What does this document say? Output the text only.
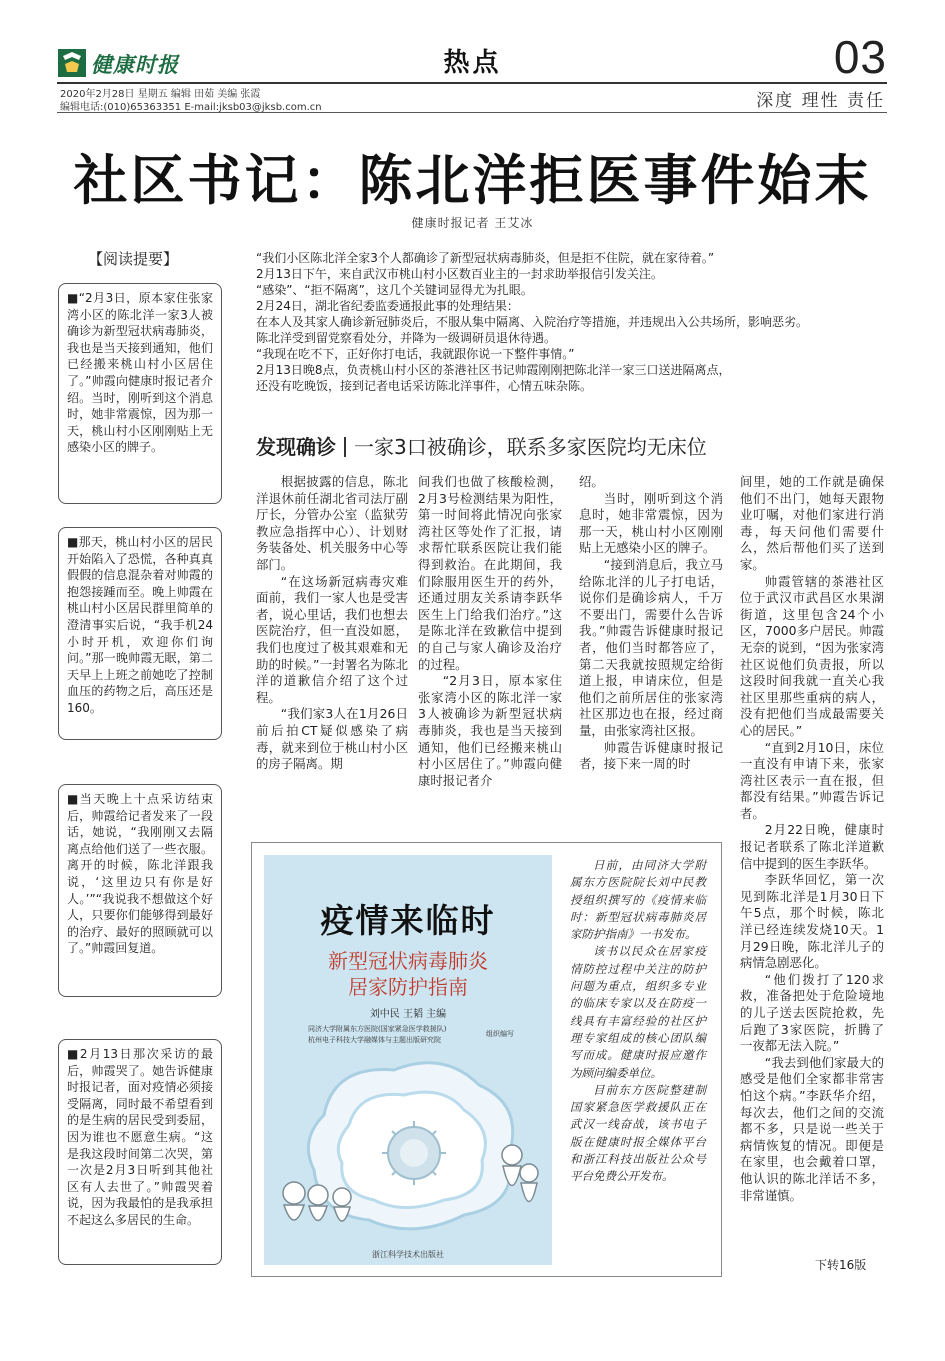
健康时报	热点	03
2020年2月28日 星期五 编辑 田茹 美编 张霞
编辑电话:(010)65363351 E-mail:jksb03@jksb.com.cn	深度 理性 责任
社区书记：陈北洋拒医事件始末
健康时报记者 王艾冰
【阅读提要】
■“2月3日，原本家住张家湾小区的陈北洋一家3人被确诊为新型冠状病毒肺炎，我也是当天接到通知，他们已经搬来桃山村小区居住了。”帅霞向健康时报记者介绍。当时，刚听到这个消息时，她非常震惊，因为那一天，桃山村小区刚刚贴上无感染小区的牌子。
■那天，桃山村小区的居民开始陷入了恐慌，各种真真假假的信息混杂着对帅霞的抱怨接踵而至。晚上帅霞在桃山村小区居民群里简单的澄清事实后说，“我手机24小时开机，欢迎你们询问。”那一晚帅霞无眠，第二天早上上班之前她吃了控制血压的药物之后，高压还是160。
■当天晚上十点采访结束后，帅霞给记者发来了一段话，她说，“我刚刚又去隔离点给他们送了一些衣服。离开的时候，陈北洋跟我说，‘这里边只有你是好人。’”“我说我不想做这个好人，只要你们能够得到最好的治疗、最好的照顾就可以了。”帅霞回复道。
■2月13日那次采访的最后，帅霞哭了。她告诉健康时报记者，面对疫情必须接受隔离，同时最不希望看到的是生病的居民受到委屈，因为谁也不愿意生病。“这是我这段时间第二次哭，第一次是2月3日听到其他社区有人去世了。”帅霞哭着说，因为我最怕的是我承担不起这么多居民的生命。

“我们小区陈北洋全家3个人都确诊了新型冠状病毒肺炎，但是拒不住院，就在家待着。”

2月13日下午，来自武汉市桃山村小区数百业主的一封求助举报信引发关注。

“感染”、“拒不隔离”，这几个关键词显得尤为扎眼。

2月24日，湖北省纪委监委通报此事的处理结果：

在本人及其家人确诊新冠肺炎后，不服从集中隔离、入院治疗等措施，并违规出入公共场所，影响恶劣。

陈北洋受到留党察看处分，并降为一级调研员退休待遇。

“我现在吃不下，正好你打电话，我就跟你说一下整件事情。”

2月13日晚8点，负责桃山村小区的茶港社区书记帅霞刚刚把陈北洋一家三口送进隔离点，

还没有吃晚饭，接到记者电话采访陈北洋事件，心情五味杂陈。

发现确诊 一家3口被确诊，联系多家医院均无床位

根据披露的信息，陈北洋退休前任湖北省司法厅副厅长，分管办公室（监狱劳教应急指挥中心）、计划财务装备处、机关服务中心等部门。

“在这场新冠病毒灾难面前，我们一家人也是受害者，说心里话，我们也想去医院治疗，但一直没如愿，我们也度过了极其艰难和无助的时候。”一封署名为陈北洋的道歉信介绍了这个过程。

“我们家3人在1月26日前后拍CT疑似感染了病毒，就来到位于桃山村小区的房子隔离。期

间我们也做了核酸检测，2月3号检测结果为阳性，第一时间将此情况向张家湾社区等处作了汇报，请求帮忙联系医院让我们能得到救治。在此期间，我们除服用医生开的药外，还通过朋友关系请李跃华医生上门给我们治疗。”这是陈北洋在致歉信中提到的自己与家人确诊及治疗的过程。

“2月3日，原本家住张家湾小区的陈北洋一家3人被确诊为新型冠状病毒肺炎，我也是当天接到通知，他们已经搬来桃山村小区居住了。”帅霞向健康时报记者介

绍。

当时，刚听到这个消息时，她非常震惊，因为那一天，桃山村小区刚刚贴上无感染小区的牌子。

“接到消息后，我立马给陈北洋的儿子打电话，说你们是确诊病人，千万不要出门，需要什么告诉我。”帅霞告诉健康时报记者，他们当时都答应了，第二天我就按照规定给街道上报，申请床位，但是他们之前所居住的张家湾社区那边也在报，经过商量，由张家湾社区报。

帅霞告诉健康时报记者，接下来一周的时

间里，她的工作就是确保他们不出门，她每天跟物业叮嘱，对他们家进行消毒，每天问他们需要什么，然后帮他们买了送到家。

帅霞管辖的茶港社区位于武汉市武昌区水果湖街道，这里包含24个小区，7000多户居民。帅霞无奈的说到，“因为张家湾社区说他们负责报，所以这段时间我就一直关心我社区里那些重病的病人，没有把他们当成最需要关心的居民。”

“直到2月10日，床位一直没有申请下来，张家湾社区表示一直在报，但都没有结果。”帅霞告诉记者。

2月22日晚，健康时报记者联系了陈北洋道歉信中提到的医生李跃华。

李跃华回忆，第一次见到陈北洋是1月30日下午5点，那个时候，陈北洋已经连续发烧10天。1月29日晚，陈北洋儿子的病情急剧恶化。

“他们拨打了120求救，准备把处于危险境地的儿子送去医院抢救，先后跑了3家医院，折腾了一夜都无法入院。”

“我去到他们家最大的感受是他们全家都非常害怕这个病。”李跃华介绍，每次去，他们之间的交流都不多，只是说一些关于病情恢复的情况。即便是在家里，也会戴着口罩，他认识的陈北洋话不多，非常谨慎。

疫情来临时
新型冠状病毒肺炎
居家防护指南
刘中民 王韬 主编
同济大学附属东方医院(国家紧急医学救援队)
杭州电子科技大学融媒体与主题出版研究院
组织编写
浙江科学技术出版社

日前，由同济大学附属东方医院院长刘中民教授组织撰写的《疫情来临时：新型冠状病毒肺炎居家防护指南》一书发布。

该书以民众在居家疫情防控过程中关注的防护问题为重点，组织多专业的临床专家以及在防疫一线具有丰富经验的社区护理专家组成的核心团队编写而成。健康时报应邀作为顾问编委单位。

目前东方医院整建制国家紧急医学救援队正在武汉一线奋战，该书电子版在健康时报全媒体平台和浙江科技出版社公众号平台免费公开发布。

下转16版
